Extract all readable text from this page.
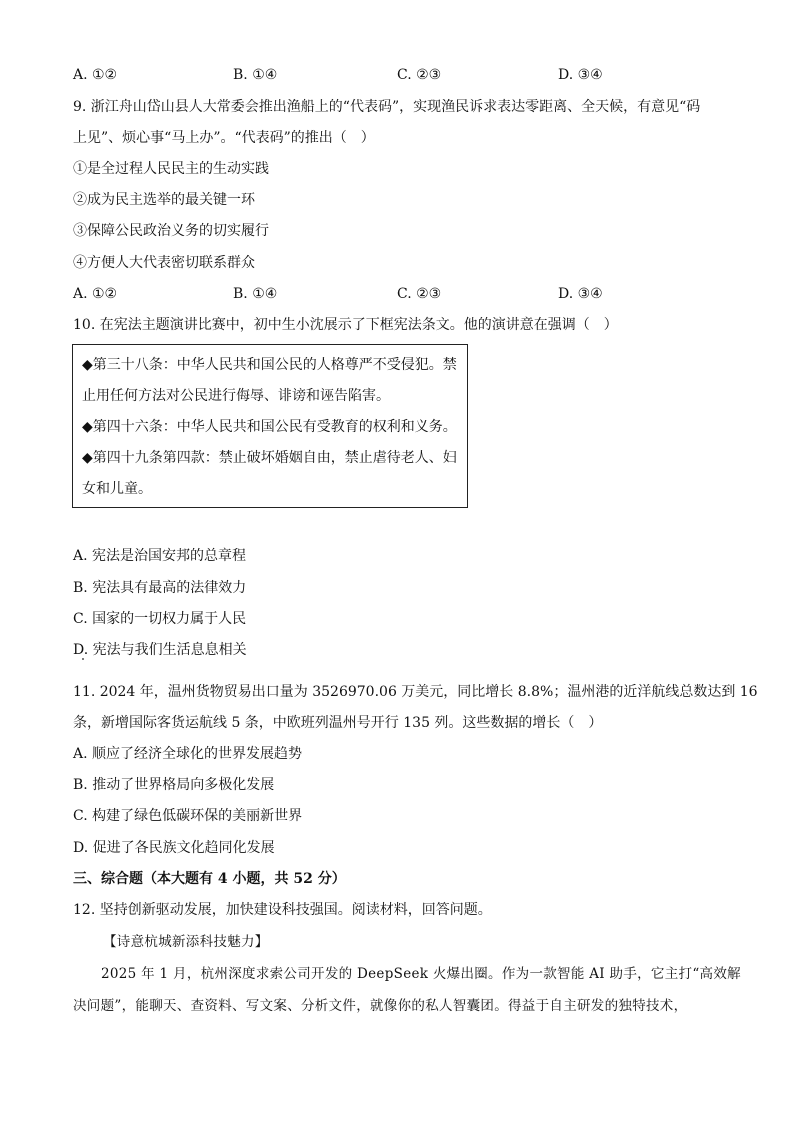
A. ①②	B. ①④	C. ②③	D. ③④
9. 浙江舟山岱山县人大常委会推出渔船上的“代表码”，实现渔民诉求表达零距离、全天候，有意见“码
上见”、烦心事“马上办”。“代表码”的推出（　）
①是全过程人民民主的生动实践
②成为民主选举的最关键一环
③保障公民政治义务的切实履行
④方便人大代表密切联系群众
A. ①②	B. ①④	C. ②③	D. ③④
10. 在宪法主题演讲比赛中，初中生小沈展示了下框宪法条文。他的演讲意在强调（　）
◆第三十八条：中华人民共和国公民的人格尊严不受侵犯。禁
止用任何方法对公民进行侮辱、诽谤和诬告陷害。
◆第四十六条：中华人民共和国公民有受教育的权利和义务。
◆第四十九条第四款：禁止破坏婚姻自由，禁止虐待老人、妇
女和儿童。
A. 宪法是治国安邦的总章程
B. 宪法具有最高的法律效力
C. 国家的一切权力属于人民
D. 宪法与我们生活息息相关
11. 2024 年，温州货物贸易出口量为 3526970.06 万美元，同比增长 8.8%；温州港的近洋航线总数达到 16
条，新增国际客货运航线 5 条，中欧班列温州号开行 135 列。这些数据的增长（　）
A. 顺应了经济全球化的世界发展趋势
B. 推动了世界格局向多极化发展
C. 构建了绿色低碳环保的美丽新世界
D. 促进了各民族文化趋同化发展
三、综合题（本大题有 4 小题，共 52 分）
12. 坚持创新驱动发展，加快建设科技强国。阅读材料，回答问题。
【诗意杭城新添科技魅力】
2025 年 1 月，杭州深度求索公司开发的 DeepSeek 火爆出圈。作为一款智能 AI 助手，它主打“高效解
决问题”，能聊天、查资料、写文案、分析文件，就像你的私人智囊团。得益于自主研发的独特技术，
